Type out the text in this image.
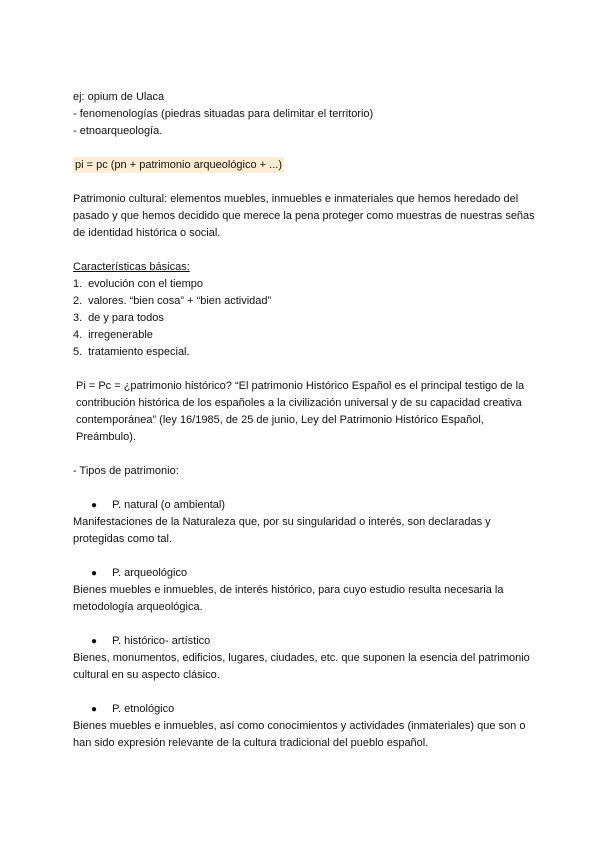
ej: opium de Ulaca
- fenomenologías (piedras situadas para delimitar el territorio)
- etnoarqueología.
pi = pc (pn + patrimonio arqueológico + ...)

Patrimonio cultural: elementos muebles, inmuebles e inmateriales que hemos heredado del pasado y que hemos decidido que merece la pena proteger como muestras de nuestras señas de identidad histórica o social.

Características básicas:
1. evolución con el tiempo
2. valores. “bien cosa” + “bien actividad”
3. de y para todos
4. irregenerable
5. tratamiento especial.

Pi = Pc = ¿patrimonio histórico? “El patrimonio Histórico Español es el principal testigo de la contribución histórica de los españoles a la civilización universal y de su capacidad creativa contemporánea” (ley 16/1985, de 25 de junio, Ley del Patrimonio Histórico Español, Preámbulo).

- Tipos de patrimonio:
● P. natural (o ambiental)

Manifestaciones de la Naturaleza que, por su singularidad o interés, son declaradas y protegidas como tal.

● P. arqueológico

Bienes muebles e inmuebles, de interés histórico, para cuyo estudio resulta necesaria la metodología arqueológica.

● P. histórico- artístico

Bienes, monumentos, edificios, lugares, ciudades, etc. que suponen la esencia del patrimonio cultural en su aspecto clásico.

● P. etnológico

Bienes muebles e inmuebles, así como conocimientos y actividades (inmateriales) que son o han sido expresión relevante de la cultura tradicional del pueblo español.
